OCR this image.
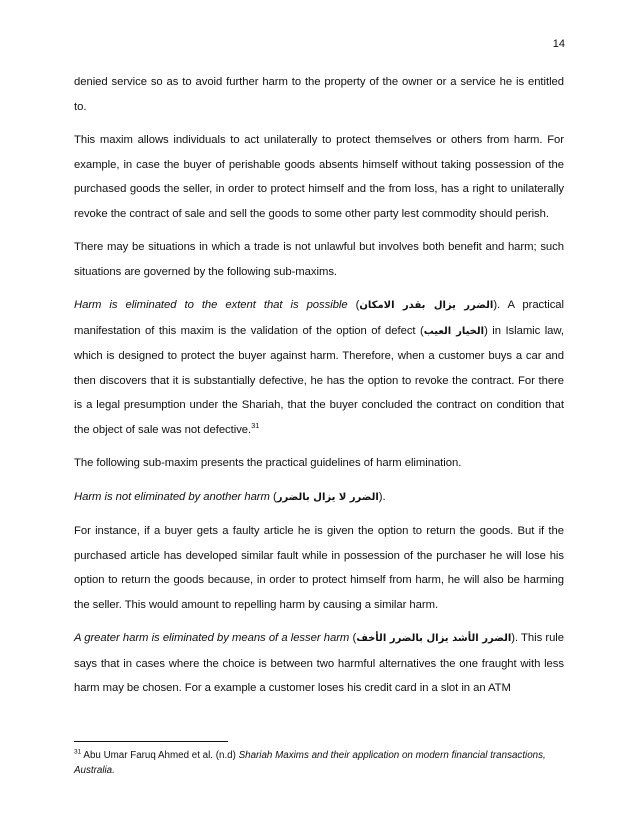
14

denied service so as to avoid further harm to the property of the owner or a service he is entitled to.

This maxim allows individuals to act unilaterally to protect themselves or others from harm. For example, in case the buyer of perishable goods absents himself without taking possession of the purchased goods the seller, in order to protect himself and the from loss, has a right to unilaterally revoke the contract of sale and sell the goods to some other party lest commodity should perish.

There may be situations in which a trade is not unlawful but involves both benefit and harm; such situations are governed by the following sub-maxims.

Harm is eliminated to the extent that is possible (الضرر يزال بقدر الامكان). A practical manifestation of this maxim is the validation of the option of defect (الخيار العيب) in Islamic law, which is designed to protect the buyer against harm. Therefore, when a customer buys a car and then discovers that it is substantially defective, he has the option to revoke the contract. For there is a legal presumption under the Shariah, that the buyer concluded the contract on condition that the object of sale was not defective.$^{31}$

The following sub-maxim presents the practical guidelines of harm elimination.

Harm is not eliminated by another harm (الضرر لا يزال بالضرر).

For instance, if a buyer gets a faulty article he is given the option to return the goods. But if the purchased article has developed similar fault while in possession of the purchaser he will lose his option to return the goods because, in order to protect himself from harm, he will also be harming the seller. This would amount to repelling harm by causing a similar harm.

A greater harm is eliminated by means of a lesser harm (الضرر الأشد يزال بالضرر الأخف). This rule says that in cases where the choice is between two harmful alternatives the one fraught with less harm may be chosen. For a example a customer loses his credit card in a slot in an ATM

$^{31}$ Abu Umar Faruq Ahmed et al. (n.d) Shariah Maxims and their application on modern financial transactions, Australia.
